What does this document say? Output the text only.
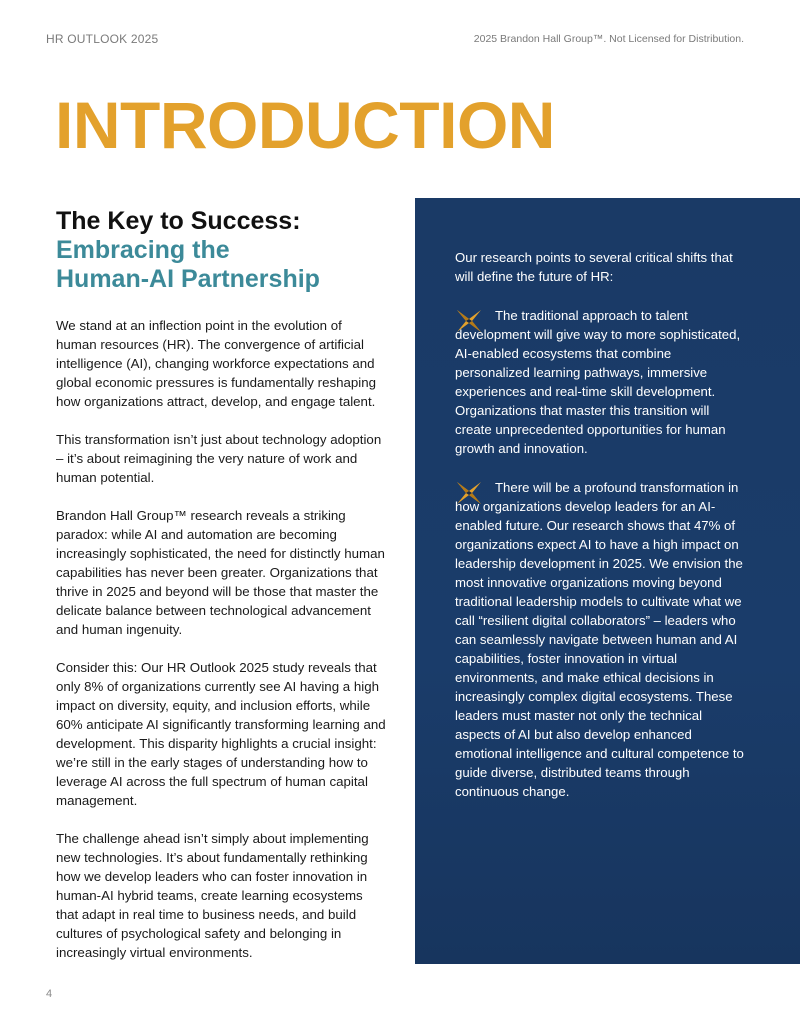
HR OUTLOOK 2025	2025 Brandon Hall Group™. Not Licensed for Distribution.
INTRODUCTION
The Key to Success:
Embracing the
Human-AI Partnership

We stand at an inflection point in the evolution of human resources (HR). The convergence of artificial intelligence (AI), changing workforce expectations and global economic pressures is fundamentally reshaping how organizations attract, develop, and engage talent.

This transformation isn’t just about technology adoption – it’s about reimagining the very nature of work and human potential.

Brandon Hall Group™ research reveals a striking paradox: while AI and automation are becoming increasingly sophisticated, the need for distinctly human capabilities has never been greater. Organizations that thrive in 2025 and beyond will be those that master the delicate balance between technological advancement and human ingenuity.

Consider this: Our HR Outlook 2025 study reveals that only 8% of organizations currently see AI having a high impact on diversity, equity, and inclusion efforts, while 60% anticipate AI significantly transforming learning and development. This disparity highlights a crucial insight: we’re still in the early stages of understanding how to leverage AI across the full spectrum of human capital management.

The challenge ahead isn’t simply about implementing new technologies. It’s about fundamentally rethinking how we develop leaders who can foster innovation in human-AI hybrid teams, create learning ecosystems that adapt in real time to business needs, and build cultures of psychological safety and belonging in increasingly virtual environments.

Our research points to several critical shifts that will define the future of HR:

The traditional approach to talent development will give way to more sophisticated, AI-enabled ecosystems that combine personalized learning pathways, immersive experiences and real-time skill development. Organizations that master this transition will create unprecedented opportunities for human growth and innovation.

There will be a profound transformation in how organizations develop leaders for an AI-enabled future. Our research shows that 47% of organizations expect AI to have a high impact on leadership development in 2025. We envision the most innovative organizations moving beyond traditional leadership models to cultivate what we call “resilient digital collaborators” – leaders who can seamlessly navigate between human and AI capabilities, foster innovation in virtual environments, and make ethical decisions in increasingly complex digital ecosystems. These leaders must master not only the technical aspects of AI but also develop enhanced emotional intelligence and cultural competence to guide diverse, distributed teams through continuous change.

4
